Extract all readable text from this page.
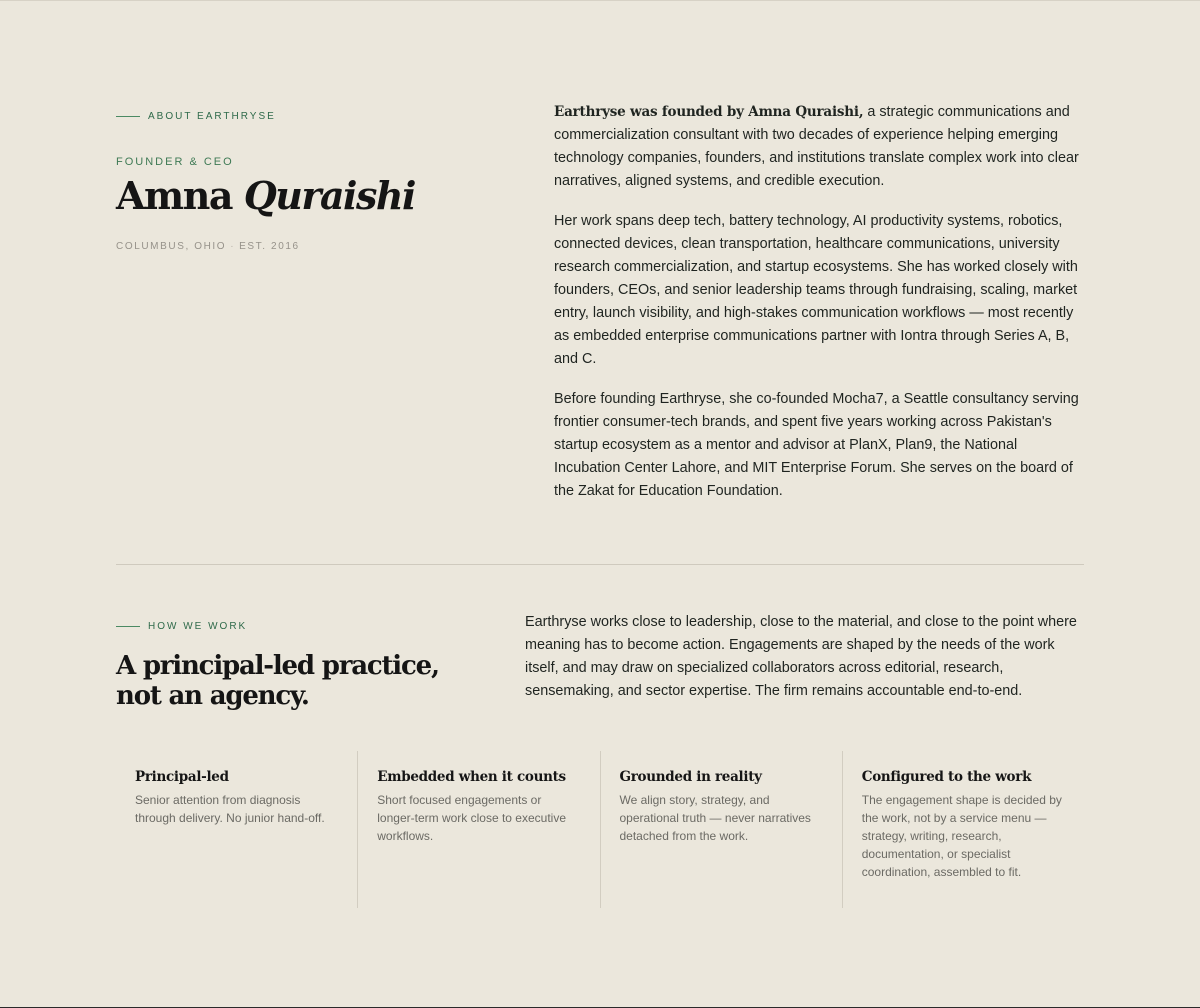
ABOUT EARTHRYSE
FOUNDER & CEO
Amna Quraishi
COLUMBUS, OHIO · EST. 2016

Earthryse was founded by Amna Quraishi, a strategic communications and commercialization consultant with two decades of experience helping emerging technology companies, founders, and institutions translate complex work into clear narratives, aligned systems, and credible execution.

Her work spans deep tech, battery technology, AI productivity systems, robotics, connected devices, clean transportation, healthcare communications, university research commercialization, and startup ecosystems. She has worked closely with founders, CEOs, and senior leadership teams through fundraising, scaling, market entry, launch visibility, and high-stakes communication workflows — most recently as embedded enterprise communications partner with Iontra through Series A, B, and C.

Before founding Earthryse, she co-founded Mocha7, a Seattle consultancy serving frontier consumer-tech brands, and spent five years working across Pakistan's startup ecosystem as a mentor and advisor at PlanX, Plan9, the National Incubation Center Lahore, and MIT Enterprise Forum. She serves on the board of the Zakat for Education Foundation.

HOW WE WORK
A principal-led practice, not an agency.

Earthryse works close to leadership, close to the material, and close to the point where meaning has to become action. Engagements are shaped by the needs of the work itself, and may draw on specialized collaborators across editorial, research, sensemaking, and sector expertise. The firm remains accountable end-to-end.

Principal-led

Senior attention from diagnosis through delivery. No junior hand-off.

Embedded when it counts

Short focused engagements or longer-term work close to executive workflows.

Grounded in reality

We align story, strategy, and operational truth — never narratives detached from the work.

Configured to the work

The engagement shape is decided by the work, not by a service menu — strategy, writing, research, documentation, or specialist coordination, assembled to fit.
